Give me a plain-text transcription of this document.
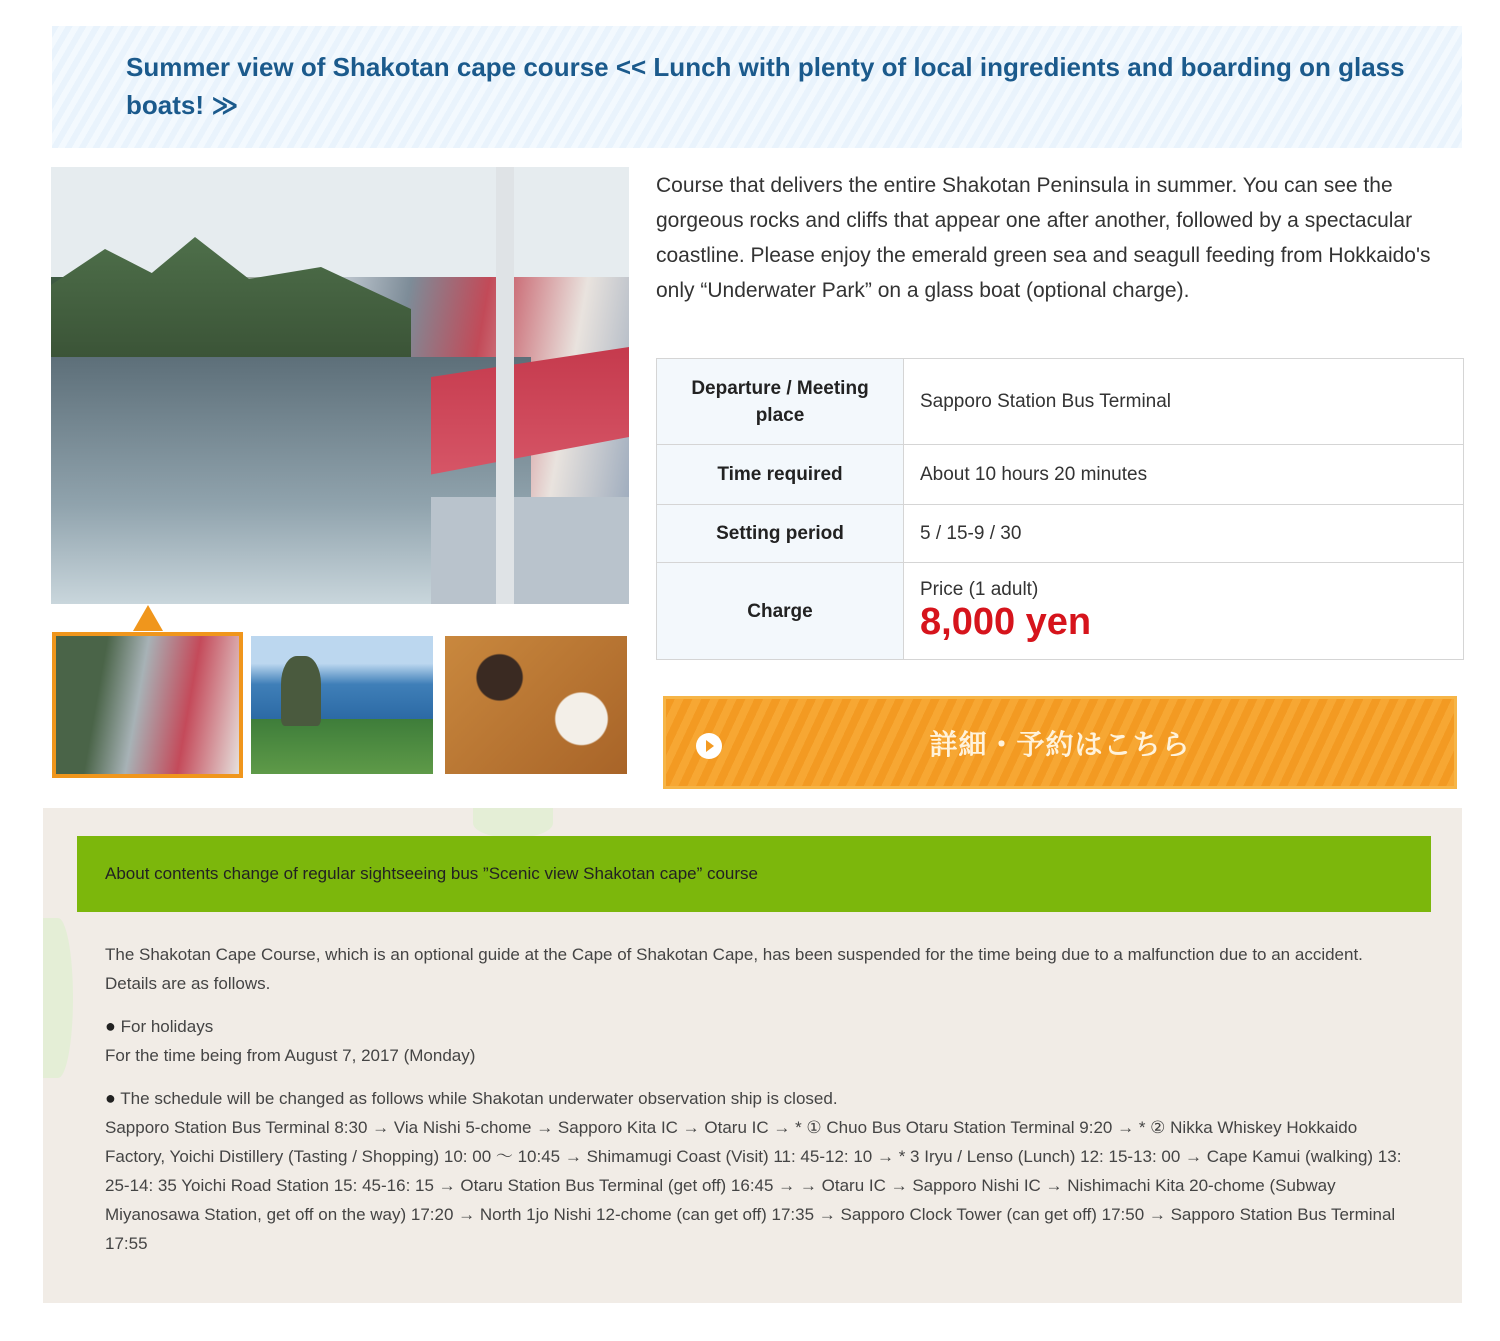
Summer view of Shakotan cape course << Lunch with plenty of local ingredients and boarding on glass boats! ≫

Course that delivers the entire Shakotan Peninsula in summer. You can see the gorgeous rocks and cliffs that appear one after another, followed by a spectacular coastline. Please enjoy the emerald green sea and seagull feeding from Hokkaido's only “Underwater Park” on a glass boat (optional charge).

Departure / Meeting place	Sapporo Station Bus Terminal
Time required	About 10 hours 20 minutes
Setting period	5 / 15-9 / 30
Charge	Price (1 adult)
8,000 yen
詳細・予約はこちら
About contents change of regular sightseeing bus ”Scenic view Shakotan cape” course

The Shakotan Cape Course, which is an optional guide at the Cape of Shakotan Cape, has been suspended for the time being due to a malfunction due to an accident.

Details are as follows.

● For holidays

For the time being from August 7, 2017 (Monday)

● The schedule will be changed as follows while Shakotan underwater observation ship is closed.

Sapporo Station Bus Terminal 8:30 → Via Nishi 5-chome → Sapporo Kita IC → Otaru IC → * ① Chuo Bus Otaru Station Terminal 9:20 → * ② Nikka Whiskey Hokkaido Factory, Yoichi Distillery (Tasting / Shopping) 10: 00 〜 10:45 → Shimamugi Coast (Visit) 11: 45-12: 10 → * 3 Iryu / Lenso (Lunch) 12: 15-13: 00 → Cape Kamui (walking) 13: 25-14: 35 Yoichi Road Station 15: 45-16: 15 → Otaru Station Bus Terminal (get off) 16:45 → → Otaru IC → Sapporo Nishi IC → Nishimachi Kita 20-chome (Subway Miyanosawa Station, get off on the way) 17:20 → North 1jo Nishi 12-chome (can get off) 17:35 → Sapporo Clock Tower (can get off) 17:50 → Sapporo Station Bus Terminal 17:55
